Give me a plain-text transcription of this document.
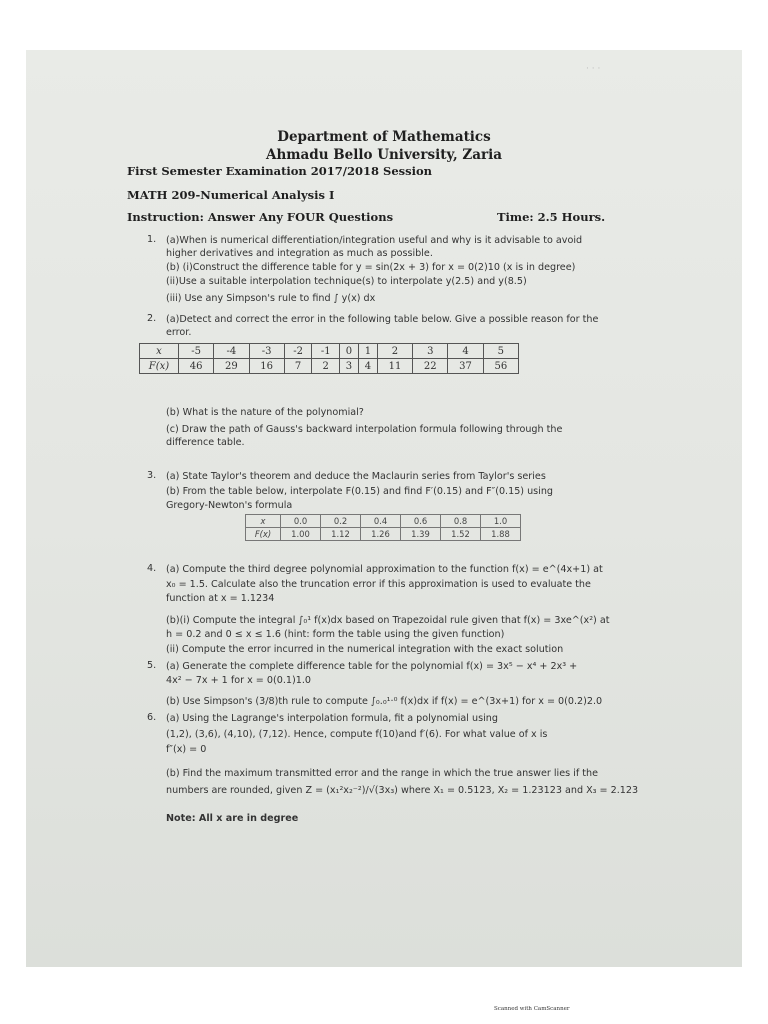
· · ·
Department of Mathematics
Ahmadu Bello University, Zaria
First Semester Examination 2017/2018 Session
MATH 209-Numerical Analysis I
Instruction: Answer Any FOUR Questions	Time: 2.5 Hours.
1. (a)When is numerical differentiation/integration useful and why is it advisable to avoid
higher derivatives and integration as much as possible.
(b) (i)Construct the difference table for y = sin(2x + 3) for x = 0(2)10 (x is in degree)
(ii)Use a suitable interpolation technique(s) to interpolate y(2.5) and y(8.5)
(iii) Use any Simpson's rule to find ∫ y(x) dx
2. (a)Detect and correct the error in the following table below. Give a possible reason for the
error.
x	-5	-4	-3	-2	-1	0	1	2	3	4	5
F(x)	46	29	16	7	2	3	4	11	22	37	56
(b) What is the nature of the polynomial?
(c) Draw the path of Gauss's backward interpolation formula following through the
difference table.
3. (a) State Taylor's theorem and deduce the Maclaurin series from Taylor's series
(b) From the table below, interpolate F(0.15) and find F′(0.15) and F″(0.15) using
Gregory-Newton's formula
x	0.0	0.2	0.4	0.6	0.8	1.0
F(x)	1.00	1.12	1.26	1.39	1.52	1.88
4. (a) Compute the third degree polynomial approximation to the function f(x) = e^(4x+1) at
x₀ = 1.5. Calculate also the truncation error if this approximation is used to evaluate the
function at x = 1.1234
(b)(i) Compute the integral ∫₀¹ f(x)dx based on Trapezoidal rule given that f(x) = 3xe^(x²) at
h = 0.2 and 0 ≤ x ≤ 1.6 (hint: form the table using the given function)
(ii) Compute the error incurred in the numerical integration with the exact solution
5. (a) Generate the complete difference table for the polynomial f(x) = 3x⁵ − x⁴ + 2x³ +
4x² − 7x + 1 for x = 0(0.1)1.0
(b) Use Simpson's (3/8)th rule to compute ∫₀.₀¹·⁰ f(x)dx if f(x) = e^(3x+1) for x = 0(0.2)2.0
6. (a) Using the Lagrange's interpolation formula, fit a polynomial using
(1,2), (3,6), (4,10), (7,12). Hence, compute f(10)and f′(6). For what value of x is
f″(x) = 0
(b) Find the maximum transmitted error and the range in which the true answer lies if the
numbers are rounded, given Z = (x₁²x₂⁻²)/√(3x₃) where X₁ = 0.5123, X₂ = 1.23123 and X₃ = 2.123
Note: All x are in degree
Scanned with CamScanner
